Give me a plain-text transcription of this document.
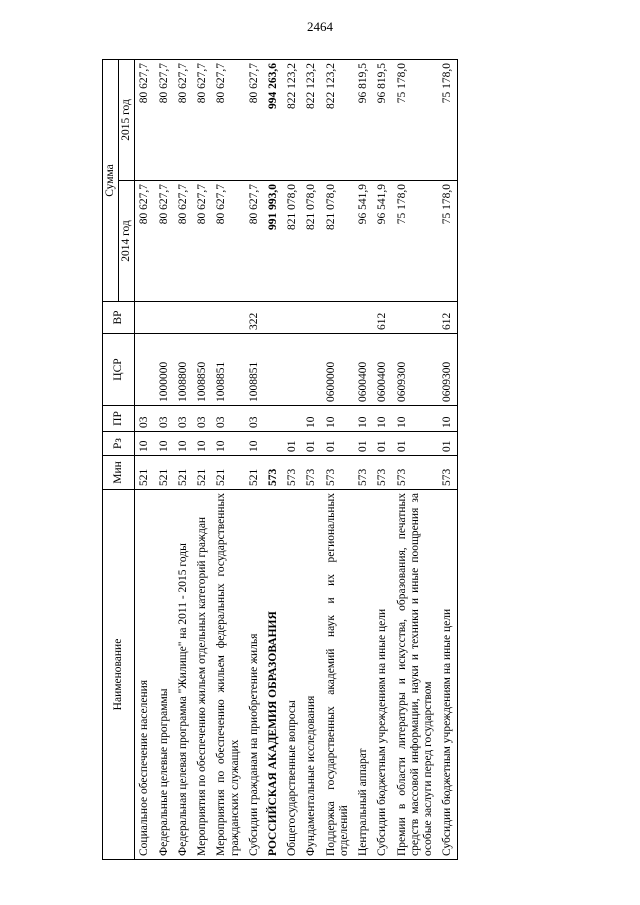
2464
Наименование	Мин	Рз	ПР	ЦСР	ВР	Сумма	
						2014 год	2015 год
Социальное обеспечение населения	521	10	03			80 627,7	80 627,7
Федеральные целевые программы	521	10	03	1000000		80 627,7	80 627,7
Федеральная целевая программа "Жилище" на 2011 - 2015 годы	521	10	03	1008800		80 627,7	80 627,7
Мероприятия по обеспечению жильем отдельных категорий граждан	521	10	03	1008850		80 627,7	80 627,7
Мероприятия по обеспечению жильем федеральных государственных гражданских служащих	521	10	03	1008851		80 627,7	80 627,7
Субсидии гражданам на приобретение жилья	521	10	03	1008851	322	80 627,7	80 627,7
РОССИЙСКАЯ АКАДЕМИЯ ОБРАЗОВАНИЯ	573					991 993,0	994 263,6
Общегосударственные вопросы	573	01				821 078,0	822 123,2
Фундаментальные исследования	573	01	10			821 078,0	822 123,2
Поддержка государственных академий наук и их региональных отделений	573	01	10	0600000		821 078,0	822 123,2
Центральный аппарат	573	01	10	0600400		96 541,9	96 819,5
Субсидии бюджетным учреждениям на иные цели	573	01	10	0600400	612	96 541,9	96 819,5
Премии в области литературы и искусства, образования, печатных средств массовой информации, науки и техники и иные поощрения за особые заслуги перед государством	573	01	10	0609300		75 178,0	75 178,0
Субсидии бюджетным учреждениям на иные цели	573	01	10	0609300	612	75 178,0	75 178,0
